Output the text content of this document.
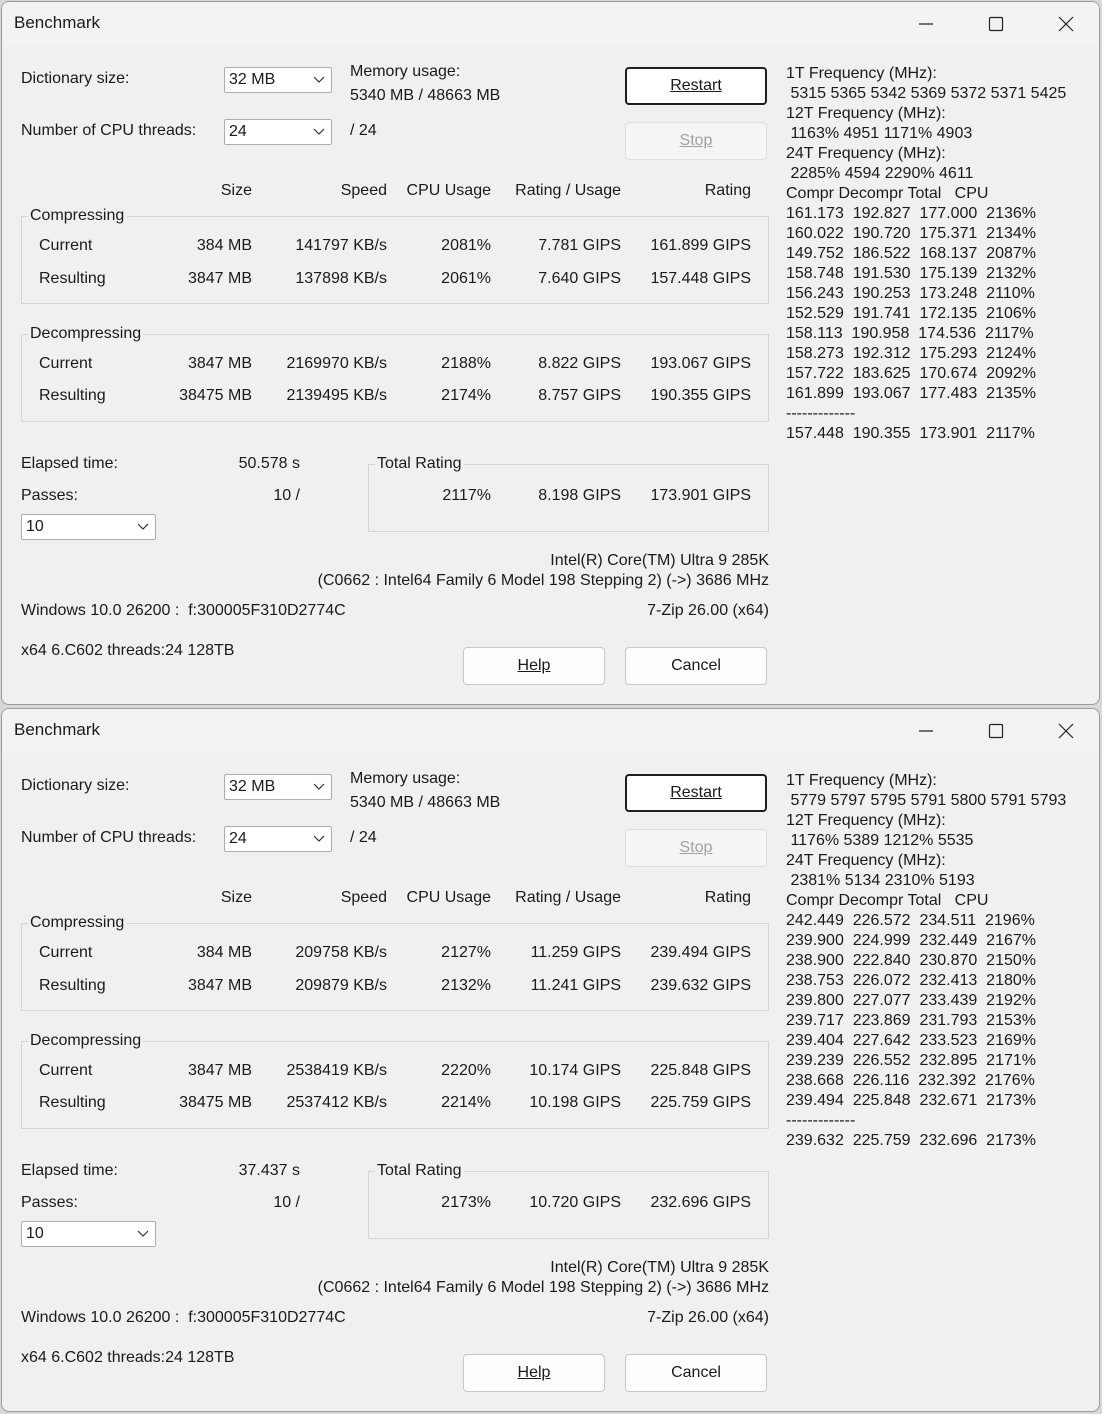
Benchmark
Dictionary size:	32 MB	Memory usage:
5340 MB / 48663 MB
Number of CPU threads: 24	/ 24
Restart
Stop
Size	Speed	CPU Usage	Rating / Usage	Rating
Compressing
Current	384 MB	141797 KB/s	2081%	7.781 GIPS	161.899 GIPS
Resulting	3847 MB	137898 KB/s	2061%	7.640 GIPS	157.448 GIPS
Decompressing
Current	3847 MB	2169970 KB/s	2188%	8.822 GIPS	193.067 GIPS
Resulting	38475 MB	2139495 KB/s	2174%	8.757 GIPS	190.355 GIPS
Elapsed time:	50.578 s
Passes:	10 /
10
Total Rating
2117%	8.198 GIPS	173.901 GIPS
Intel(R) Core(TM) Ultra 9 285K
(C0662 : Intel64 Family 6 Model 198 Stepping 2) (->) 3686 MHz
Windows 10.0 26200 :  f:300005F310D2774C	7-Zip 26.00 (x64)
x64 6.C602 threads:24 128TB
Help	Cancel
1T Frequency (MHz):
5315 5365 5342 5369 5372 5371 5425
12T Frequency (MHz):
1163% 4951 1171% 4903
24T Frequency (MHz):
2285% 4594 2290% 4611
Compr Decompr Total   CPU
161.173  192.827  177.000  2136%
160.022  190.720  175.371  2134%
149.752  186.522  168.137  2087%
158.748  191.530  175.139  2132%
156.243  190.253  173.248  2110%
152.529  191.741  172.135  2106%
158.113  190.958  174.536  2117%
158.273  192.312  175.293  2124%
157.722  183.625  170.674  2092%
161.899  193.067  177.483  2135%
-------------
157.448  190.355  173.901  2117%
Benchmark
Dictionary size:	32 MB	Memory usage:
5340 MB / 48663 MB
Number of CPU threads: 24	/ 24
Restart
Stop
Size	Speed	CPU Usage	Rating / Usage	Rating
Compressing
Current	384 MB	209758 KB/s	2127%	11.259 GIPS	239.494 GIPS
Resulting	3847 MB	209879 KB/s	2132%	11.241 GIPS	239.632 GIPS
Decompressing
Current	3847 MB	2538419 KB/s	2220%	10.174 GIPS	225.848 GIPS
Resulting	38475 MB	2537412 KB/s	2214%	10.198 GIPS	225.759 GIPS
Elapsed time:	37.437 s
Passes:	10 /
10
Total Rating
2173%	10.720 GIPS	232.696 GIPS
Intel(R) Core(TM) Ultra 9 285K
(C0662 : Intel64 Family 6 Model 198 Stepping 2) (->) 3686 MHz
Windows 10.0 26200 :  f:300005F310D2774C	7-Zip 26.00 (x64)
x64 6.C602 threads:24 128TB
Help	Cancel
1T Frequency (MHz):
5779 5797 5795 5791 5800 5791 5793
12T Frequency (MHz):
1176% 5389 1212% 5535
24T Frequency (MHz):
2381% 5134 2310% 5193
Compr Decompr Total   CPU
242.449  226.572  234.511  2196%
239.900  224.999  232.449  2167%
238.900  222.840  230.870  2150%
238.753  226.072  232.413  2180%
239.800  227.077  233.439  2192%
239.717  223.869  231.793  2153%
239.404  227.642  233.523  2169%
239.239  226.552  232.895  2171%
238.668  226.116  232.392  2176%
239.494  225.848  232.671  2173%
-------------
239.632  225.759  232.696  2173%
